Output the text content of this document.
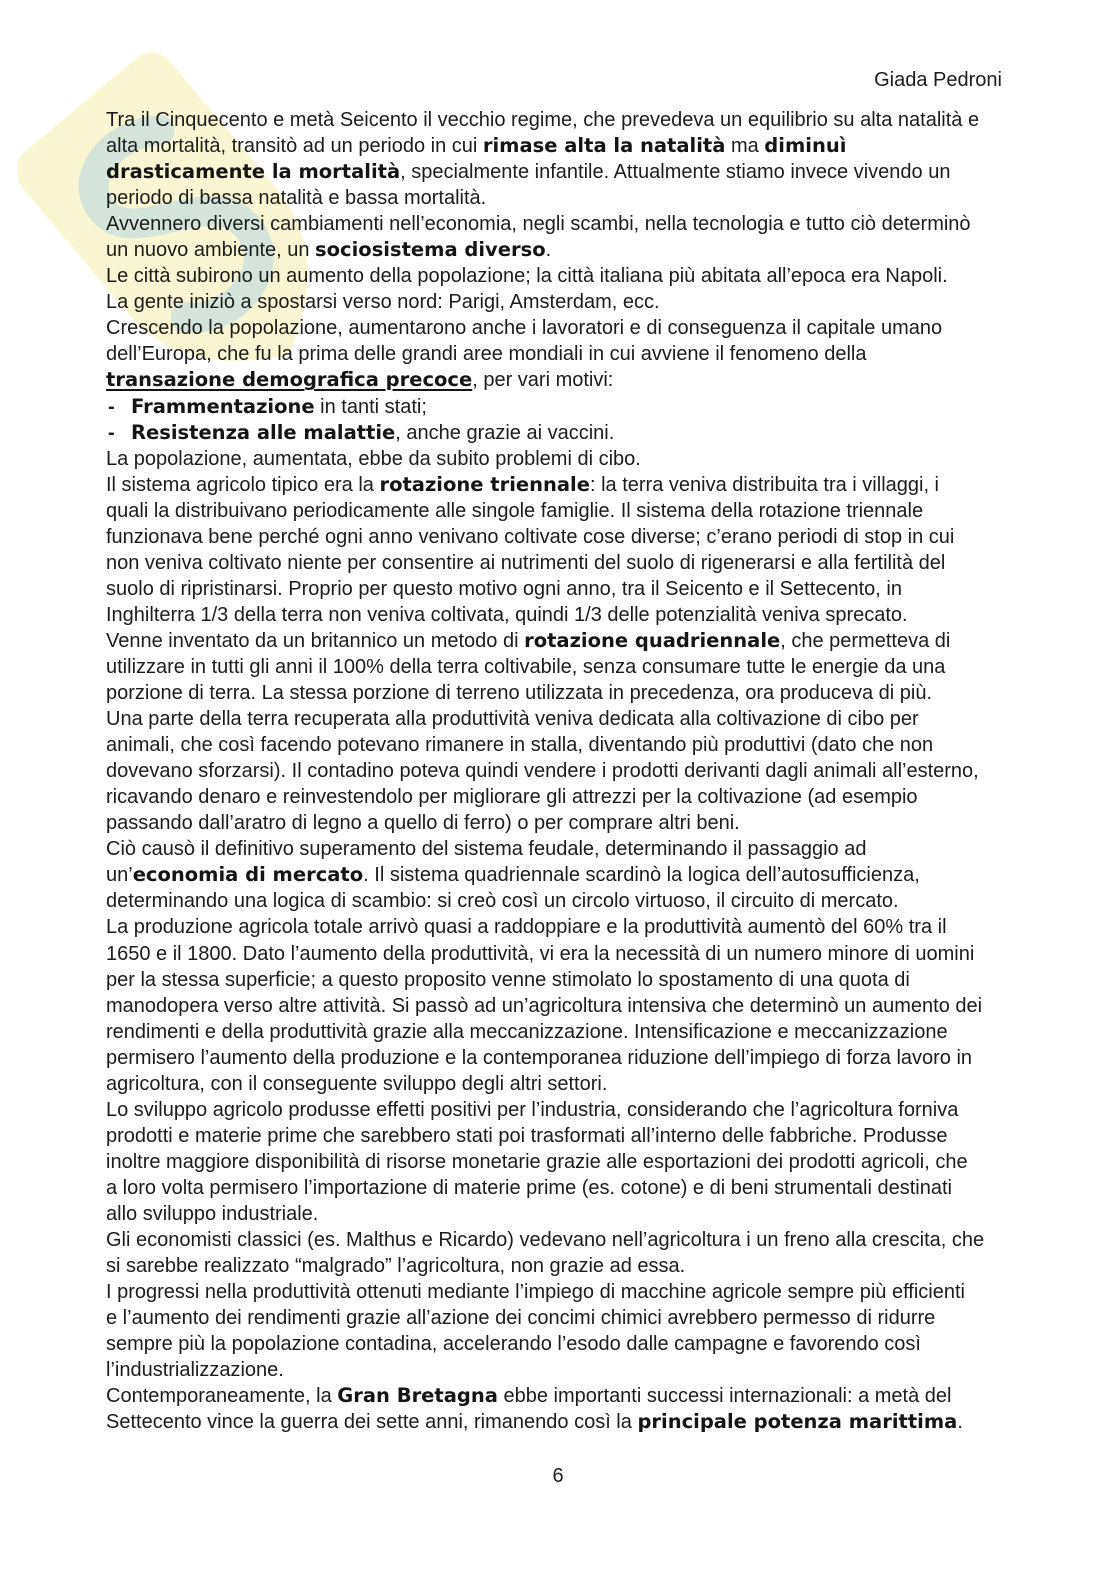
Giada Pedroni
Tra il Cinquecento e metà Seicento il vecchio regime, che prevedeva un equilibrio su alta natalità e
alta mortalità, transitò ad un periodo in cui rimase alta la natalità ma diminuì
drasticamente la mortalità, specialmente infantile. Attualmente stiamo invece vivendo un
periodo di bassa natalità e bassa mortalità.
Avvennero diversi cambiamenti nell’economia, negli scambi, nella tecnologia e tutto ciò determinò
un nuovo ambiente, un sociosistema diverso.
Le città subirono un aumento della popolazione; la città italiana più abitata all’epoca era Napoli.
La gente iniziò a spostarsi verso nord: Parigi, Amsterdam, ecc.
Crescendo la popolazione, aumentarono anche i lavoratori e di conseguenza il capitale umano
dell’Europa, che fu la prima delle grandi aree mondiali in cui avviene il fenomeno della
transazione demografica precoce, per vari motivi:
- Frammentazione in tanti stati;
- Resistenza alle malattie, anche grazie ai vaccini.
La popolazione, aumentata, ebbe da subito problemi di cibo.
Il sistema agricolo tipico era la rotazione triennale: la terra veniva distribuita tra i villaggi, i
quali la distribuivano periodicamente alle singole famiglie. Il sistema della rotazione triennale
funzionava bene perché ogni anno venivano coltivate cose diverse; c’erano periodi di stop in cui
non veniva coltivato niente per consentire ai nutrimenti del suolo di rigenerarsi e alla fertilità del
suolo di ripristinarsi. Proprio per questo motivo ogni anno, tra il Seicento e il Settecento, in
Inghilterra 1/3 della terra non veniva coltivata, quindi 1/3 delle potenzialità veniva sprecato.
Venne inventato da un britannico un metodo di rotazione quadriennale, che permetteva di
utilizzare in tutti gli anni il 100% della terra coltivabile, senza consumare tutte le energie da una
porzione di terra. La stessa porzione di terreno utilizzata in precedenza, ora produceva di più.
Una parte della terra recuperata alla produttività veniva dedicata alla coltivazione di cibo per
animali, che così facendo potevano rimanere in stalla, diventando più produttivi (dato che non
dovevano sforzarsi). Il contadino poteva quindi vendere i prodotti derivanti dagli animali all’esterno,
ricavando denaro e reinvestendolo per migliorare gli attrezzi per la coltivazione (ad esempio
passando dall’aratro di legno a quello di ferro) o per comprare altri beni.
Ciò causò il definitivo superamento del sistema feudale, determinando il passaggio ad
un’economia di mercato. Il sistema quadriennale scardinò la logica dell’autosufficienza,
determinando una logica di scambio: si creò così un circolo virtuoso, il circuito di mercato.
La produzione agricola totale arrivò quasi a raddoppiare e la produttività aumentò del 60% tra il
1650 e il 1800. Dato l’aumento della produttività, vi era la necessità di un numero minore di uomini
per la stessa superficie; a questo proposito venne stimolato lo spostamento di una quota di
manodopera verso altre attività. Si passò ad un’agricoltura intensiva che determinò un aumento dei
rendimenti e della produttività grazie alla meccanizzazione. Intensificazione e meccanizzazione
permisero l’aumento della produzione e la contemporanea riduzione dell’impiego di forza lavoro in
agricoltura, con il conseguente sviluppo degli altri settori.
Lo sviluppo agricolo produsse effetti positivi per l’industria, considerando che l’agricoltura forniva
prodotti e materie prime che sarebbero stati poi trasformati all’interno delle fabbriche. Produsse
inoltre maggiore disponibilità di risorse monetarie grazie alle esportazioni dei prodotti agricoli, che
a loro volta permisero l’importazione di materie prime (es. cotone) e di beni strumentali destinati
allo sviluppo industriale.
Gli economisti classici (es. Malthus e Ricardo) vedevano nell’agricoltura i un freno alla crescita, che
si sarebbe realizzato “malgrado” l’agricoltura, non grazie ad essa.
I progressi nella produttività ottenuti mediante l’impiego di macchine agricole sempre più efficienti
e l’aumento dei rendimenti grazie all’azione dei concimi chimici avrebbero permesso di ridurre
sempre più la popolazione contadina, accelerando l’esodo dalle campagne e favorendo così
l’industrializzazione.
Contemporaneamente, la Gran Bretagna ebbe importanti successi internazionali: a metà del
Settecento vince la guerra dei sette anni, rimanendo così la principale potenza marittima.
6
